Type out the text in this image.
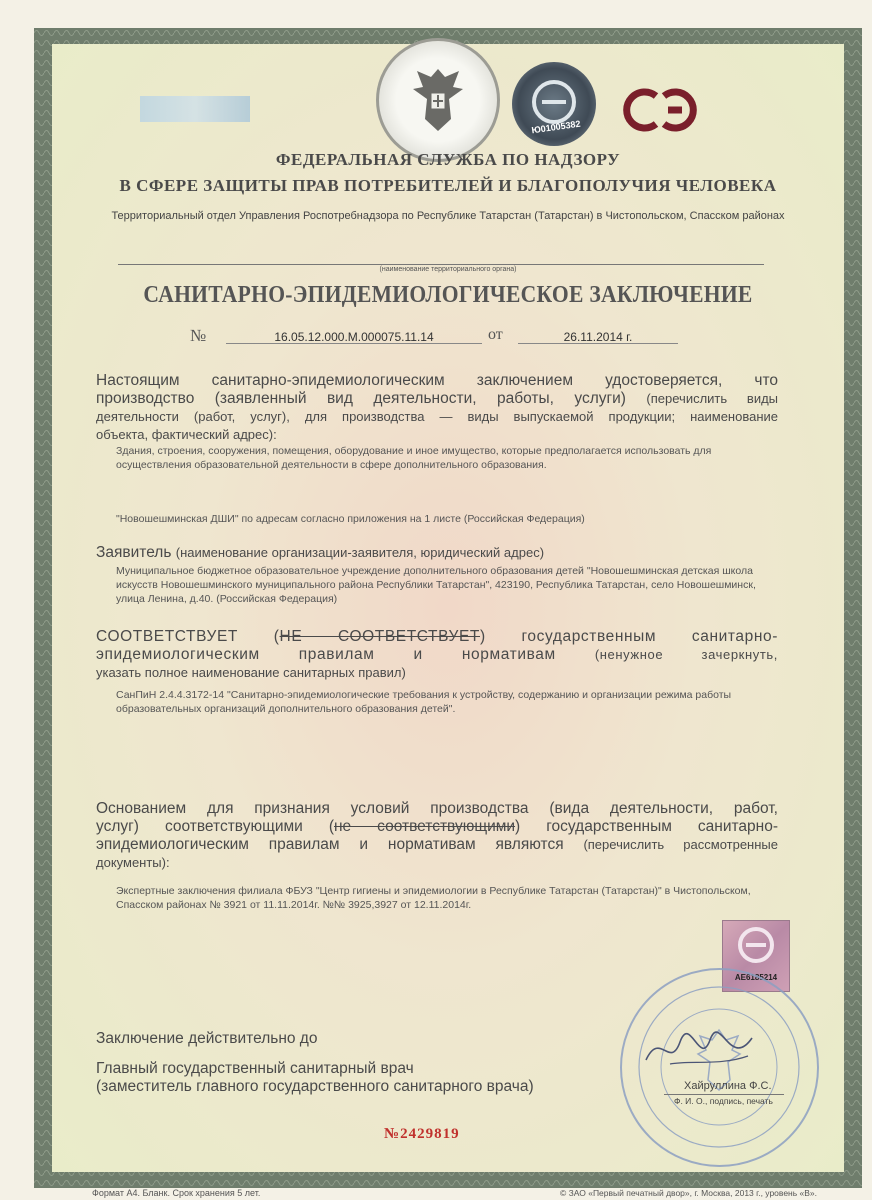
Ю01005382
ФЕДЕРАЛЬНАЯ СЛУЖБА ПО НАДЗОРУ
В СФЕРЕ ЗАЩИТЫ ПРАВ ПОТРЕБИТЕЛЕЙ И БЛАГОПОЛУЧИЯ ЧЕЛОВЕКА
Территориальный отдел Управления Роспотребнадзора по Республике Татарстан (Татарстан) в Чистопольском, Спасском районах
(наименование территориального органа)
САНИТАРНО-ЭПИДЕМИОЛОГИЧЕСКОЕ ЗАКЛЮЧЕНИЕ
№	16.05.12.000.М.000075.11.14	от	26.11.2014 г.
Настоящим санитарно-эпидемиологическим заключением удостоверяется, что
производство (заявленный вид деятельности, работы, услуги) (перечислить виды
деятельности (работ, услуг), для производства — виды выпускаемой продукции; наименование
объекта, фактический адрес):
Здания, строения, сооружения, помещения, оборудование и иное имущество, которые предполагается использовать для
осуществления образовательной деятельности в сфере дополнительного образования.
"Новошешминская ДШИ" по адресам согласно приложения на 1 листе (Российская Федерация)
Заявитель (наименование организации-заявителя, юридический адрес)
Муниципальное бюджетное образовательное учреждение дополнительного образования детей "Новошешминская детская школа
искусств Новошешминского муниципального района Республики Татарстан", 423190, Республика Татарстан, село Новошешминск,
улица Ленина, д.40. (Российская Федерация)
СООТВЕТСТВУЕТ (НЕ СООТВЕТСТВУЕТ) государственным санитарно-
эпидемиологическим правилам и нормативам	(ненужное зачеркнуть,
указать полное наименование санитарных правил)
СанПиН 2.4.4.3172-14 "Санитарно-эпидемиологические требования к устройству, содержанию и организации режима работы
образовательных организаций дополнительного образования детей".
Основанием для признания условий производства (вида деятельности, работ,
услуг) соответствующими (не соответствующими) государственным санитарно-
эпидемиологическим правилам и нормативам являются (перечислить рассмотренные
документы):
Экспертные заключения филиала ФБУЗ "Центр гигиены и эпидемиологии в Республике Татарстан (Татарстан)" в Чистопольском,
Спасском районах № 3921 от 11.11.2014г. №№ 3925,3927 от 12.11.2014г.
АЕ6185214
Заключение действительно до
Главный государственный санитарный врач
(заместитель главного государственного санитарного врача)	Хайруллина Ф.С.
Ф. И. О., подпись, печать
№2429819
Формат А4. Бланк. Срок хранения 5 лет.	© ЗАО «Первый печатный двор», г. Москва, 2013 г., уровень «В».
